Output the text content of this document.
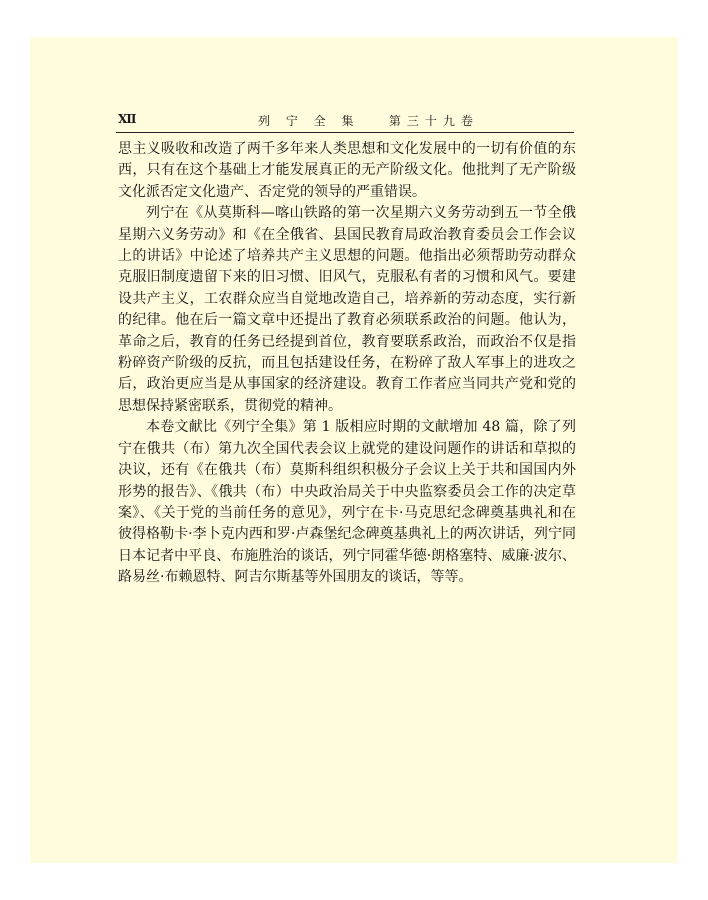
XII	列 宁 全 集   第三十九卷

思主义吸收和改造了两千多年来人类思想和文化发展中的一切有价值的东西，只有在这个基础上才能发展真正的无产阶级文化。他批判了无产阶级文化派否定文化遗产、否定党的领导的严重错误。

列宁在《从莫斯科—喀山铁路的第一次星期六义务劳动到五一节全俄星期六义务劳动》和《在全俄省、县国民教育局政治教育委员会工作会议上的讲话》中论述了培养共产主义思想的问题。他指出必须帮助劳动群众克服旧制度遗留下来的旧习惯、旧风气，克服私有者的习惯和风气。要建设共产主义，工农群众应当自觉地改造自己，培养新的劳动态度，实行新的纪律。他在后一篇文章中还提出了教育必须联系政治的问题。他认为，革命之后，教育的任务已经提到首位，教育要联系政治，而政治不仅是指粉碎资产阶级的反抗，而且包括建设任务，在粉碎了敌人军事上的进攻之后，政治更应当是从事国家的经济建设。教育工作者应当同共产党和党的思想保持紧密联系，贯彻党的精神。

本卷文献比《列宁全集》第 1 版相应时期的文献增加 48 篇，除了列宁在俄共（布）第九次全国代表会议上就党的建设问题作的讲话和草拟的决议，还有《在俄共（布）莫斯科组织积极分子会议上关于共和国国内外形势的报告》、《俄共（布）中央政治局关于中央监察委员会工作的决定草案》、《关于党的当前任务的意见》，列宁在卡·马克思纪念碑奠基典礼和在彼得格勒卡·李卜克内西和罗·卢森堡纪念碑奠基典礼上的两次讲话，列宁同日本记者中平良、布施胜治的谈话，列宁同霍华德·朗格塞特、威廉·波尔、路易丝·布赖恩特、阿吉尔斯基等外国朋友的谈话，等等。
